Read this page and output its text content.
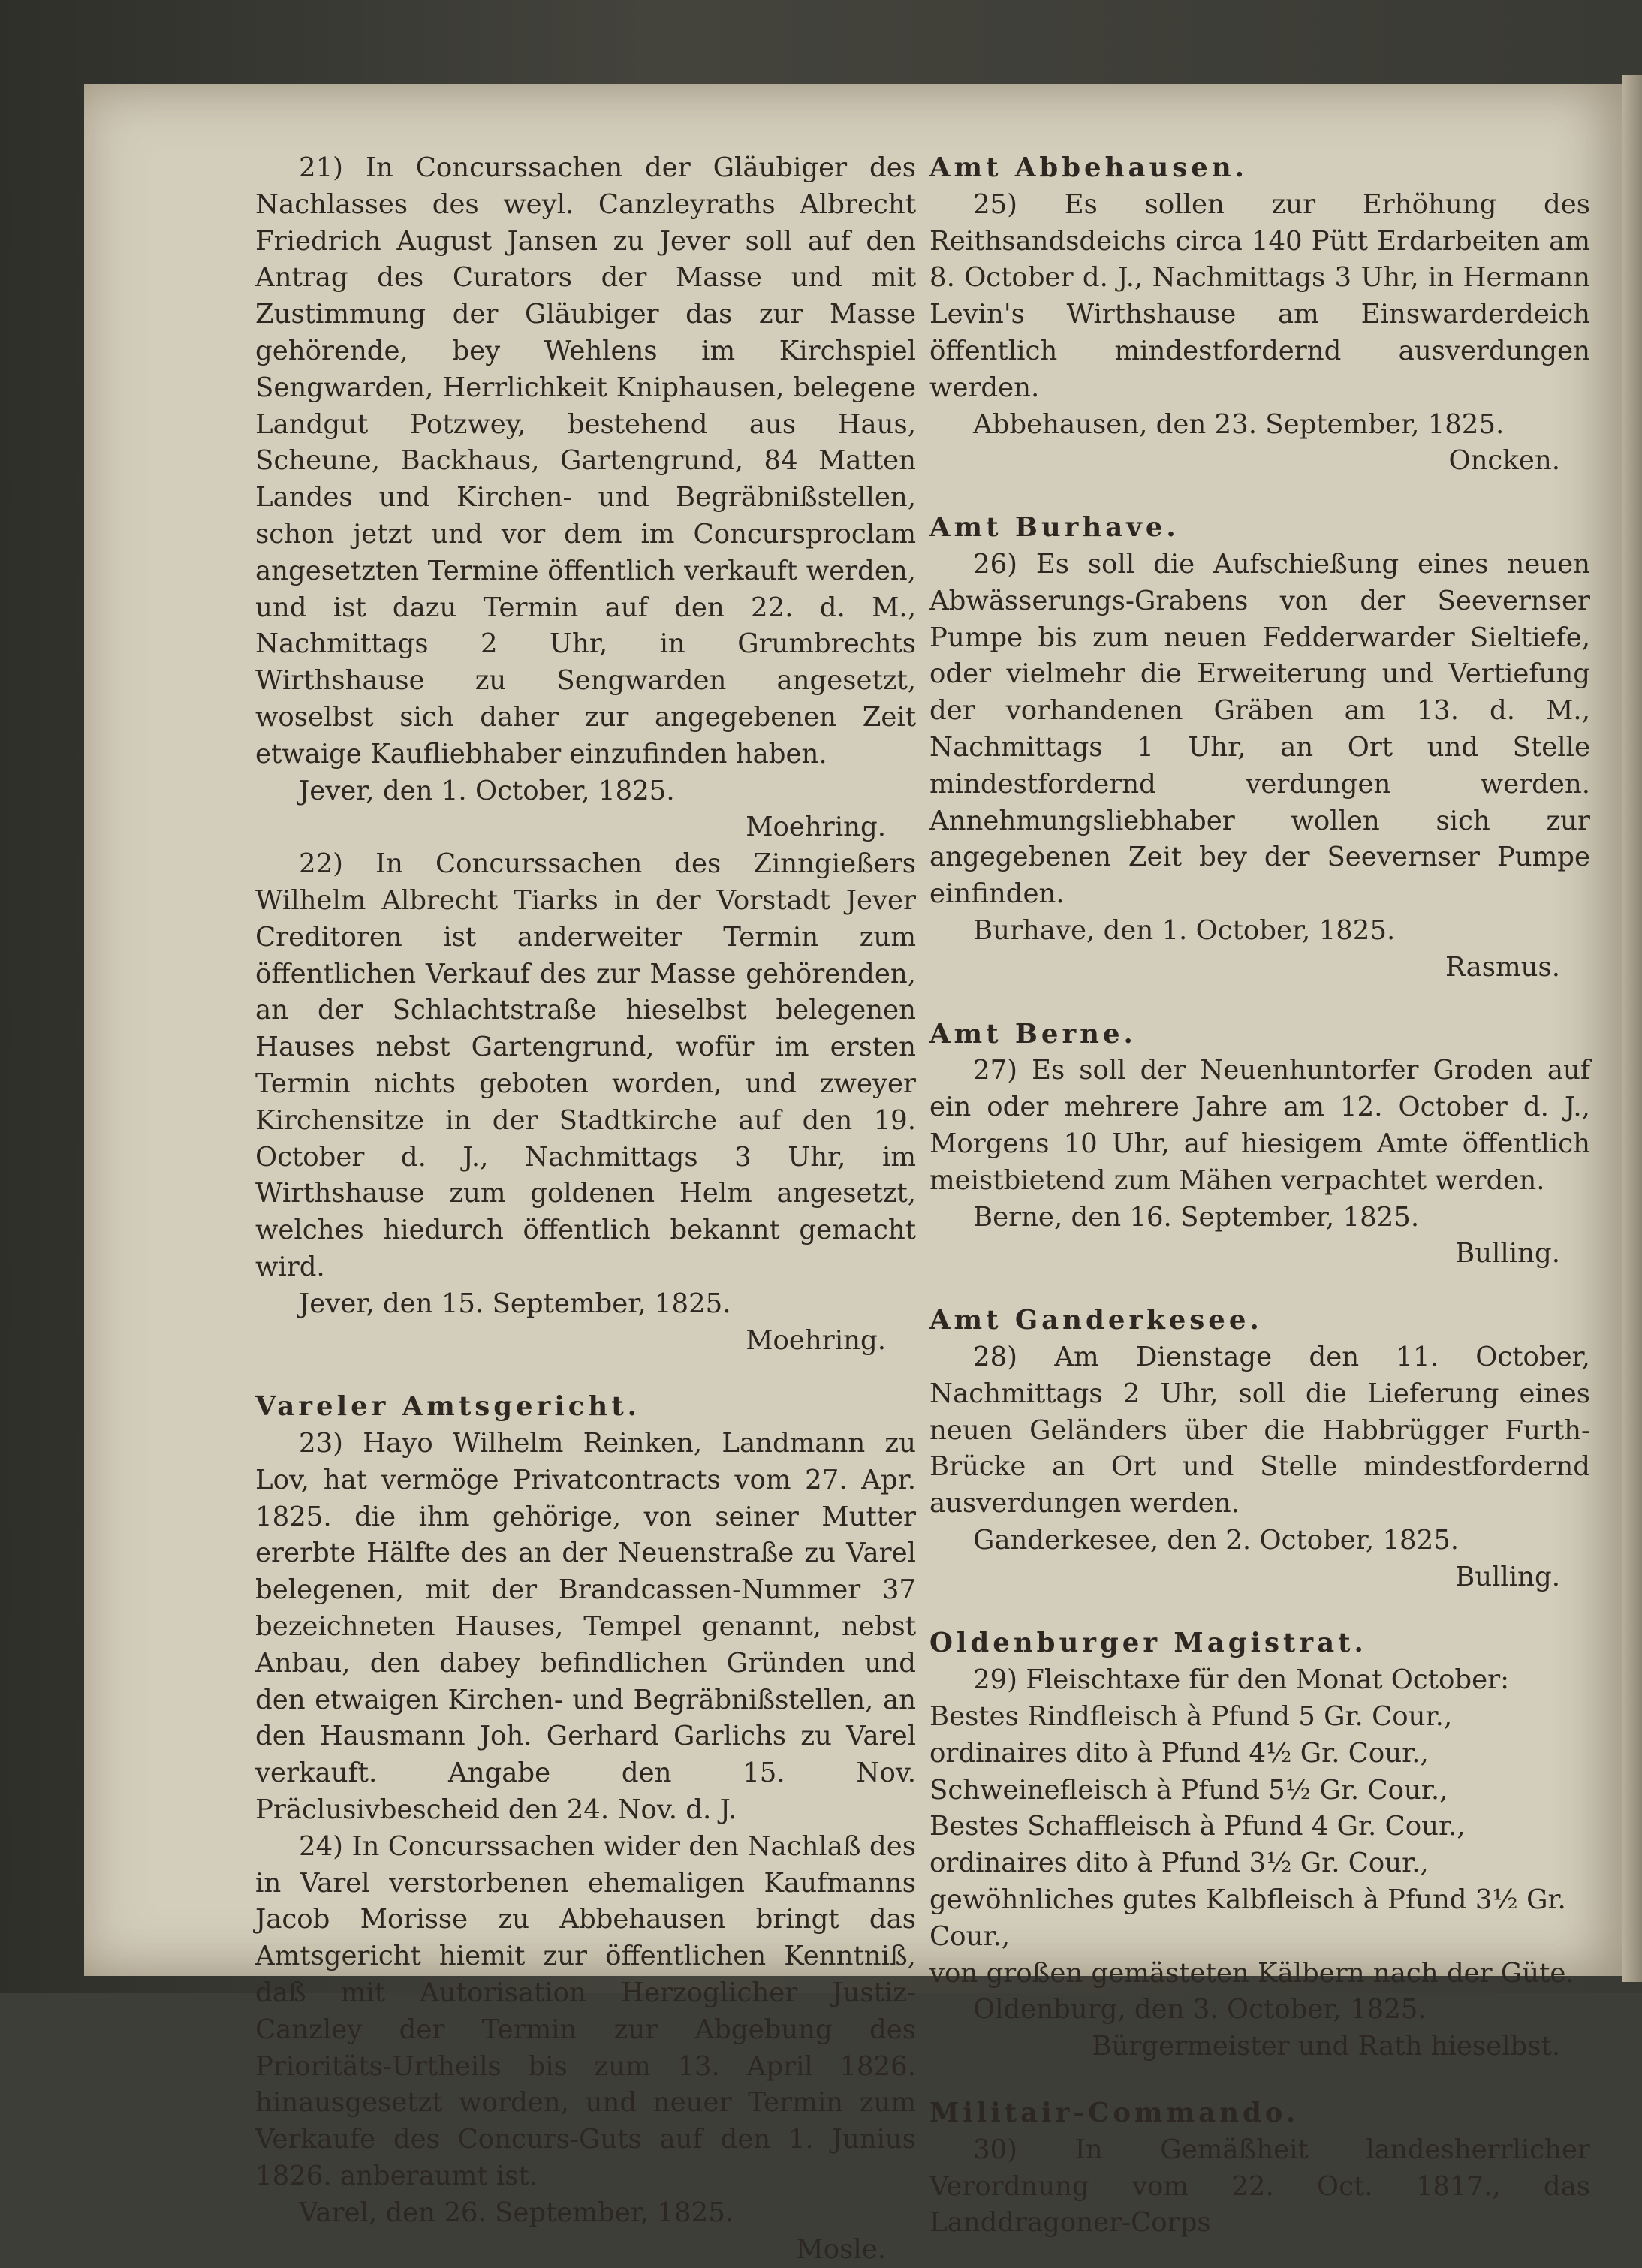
21) In Concurssachen der Gläubiger des Nachlasses des weyl. Canzleyraths Albrecht Friedrich August Jansen zu Jever soll auf den Antrag des Curators der Masse und mit Zustimmung der Gläubiger das zur Masse gehörende, bey Wehlens im Kirchspiel Sengwarden, Herrlichkeit Kniphausen, belegene Landgut Potzwey, bestehend aus Haus, Scheune, Backhaus, Gartengrund, 84 Matten Landes und Kirchen- und Begräbnißstellen, schon jetzt und vor dem im Concursproclam angesetzten Termine öffentlich verkauft werden, und ist dazu Termin auf den 22. d. M., Nachmittags 2 Uhr, in Grumbrechts Wirthshause zu Sengwarden angesetzt, woselbst sich daher zur angegebenen Zeit etwaige Kaufliebhaber einzufinden haben.

Jever, den 1. October, 1825.

Moehring.

22) In Concurssachen des Zinngießers Wilhelm Albrecht Tiarks in der Vorstadt Jever Creditoren ist anderweiter Termin zum öffentlichen Verkauf des zur Masse gehörenden, an der Schlachtstraße hieselbst belegenen Hauses nebst Gartengrund, wofür im ersten Termin nichts geboten worden, und zweyer Kirchensitze in der Stadtkirche auf den 19. October d. J., Nachmittags 3 Uhr, im Wirthshause zum goldenen Helm angesetzt, welches hiedurch öffentlich bekannt gemacht wird.

Jever, den 15. September, 1825.

Moehring.

Vareler Amtsgericht.

23) Hayo Wilhelm Reinken, Landmann zu Lov, hat vermöge Privatcontracts vom 27. Apr. 1825. die ihm gehörige, von seiner Mutter ererbte Hälfte des an der Neuenstraße zu Varel belegenen, mit der Brandcassen-Nummer 37 bezeichneten Hauses, Tempel genannt, nebst Anbau, den dabey befindlichen Gründen und den etwaigen Kirchen- und Begräbnißstellen, an den Hausmann Joh. Gerhard Garlichs zu Varel verkauft. Angabe den 15. Nov. Präclusivbescheid den 24. Nov. d. J.

24) In Concurssachen wider den Nachlaß des in Varel verstorbenen ehemaligen Kaufmanns Jacob Morisse zu Abbehausen bringt das Amtsgericht hiemit zur öffentlichen Kenntniß, daß mit Autorisation Herzoglicher Justiz-Canzley der Termin zur Abgebung des Prioritäts-Urtheils bis zum 13. April 1826. hinausgesetzt worden, und neuer Termin zum Verkaufe des Concurs-Guts auf den 1. Junius 1826. anberaumt ist.

Varel, den 26. September, 1825.

Mosle.

Amt Abbehausen.

25) Es sollen zur Erhöhung des Reithsandsdeichs circa 140 Pütt Erdarbeiten am 8. October d. J., Nachmittags 3 Uhr, in Hermann Levin's Wirthshause am Einswarderdeich öffentlich mindestfordernd ausverdungen werden.

Abbehausen, den 23. September, 1825.

Oncken.

Amt Burhave.

26) Es soll die Aufschießung eines neuen Abwässerungs-Grabens von der Seevernser Pumpe bis zum neuen Fedderwarder Sieltiefe, oder vielmehr die Erweiterung und Vertiefung der vorhandenen Gräben am 13. d. M., Nachmittags 1 Uhr, an Ort und Stelle mindestfordernd verdungen werden. Annehmungsliebhaber wollen sich zur angegebenen Zeit bey der Seevernser Pumpe einfinden.

Burhave, den 1. October, 1825.

Rasmus.

Amt Berne.

27) Es soll der Neuenhuntorfer Groden auf ein oder mehrere Jahre am 12. October d. J., Morgens 10 Uhr, auf hiesigem Amte öffentlich meistbietend zum Mähen verpachtet werden.

Berne, den 16. September, 1825.

Bulling.

Amt Ganderkesee.

28) Am Dienstage den 11. October, Nachmittags 2 Uhr, soll die Lieferung eines neuen Geländers über die Habbrügger Furth-Brücke an Ort und Stelle mindestfordernd ausverdungen werden.

Ganderkesee, den 2. October, 1825.

Bulling.

Oldenburger Magistrat.

29) Fleischtaxe für den Monat October:

Bestes Rindfleisch à Pfund 5 Gr. Cour.,

ordinaires dito à Pfund 4½ Gr. Cour.,

Schweinefleisch à Pfund 5½ Gr. Cour.,

Bestes Schaffleisch à Pfund 4 Gr. Cour.,

ordinaires dito à Pfund 3½ Gr. Cour.,

gewöhnliches gutes Kalbfleisch à Pfund 3½ Gr. Cour.,

von großen gemästeten Kälbern nach der Güte.

Oldenburg, den 3. October, 1825.

Bürgermeister und Rath hieselbst.

Militair-Commando.

30) In Gemäßheit landesherrlicher Verordnung vom 22. Oct. 1817., das Landdragoner-Corps
